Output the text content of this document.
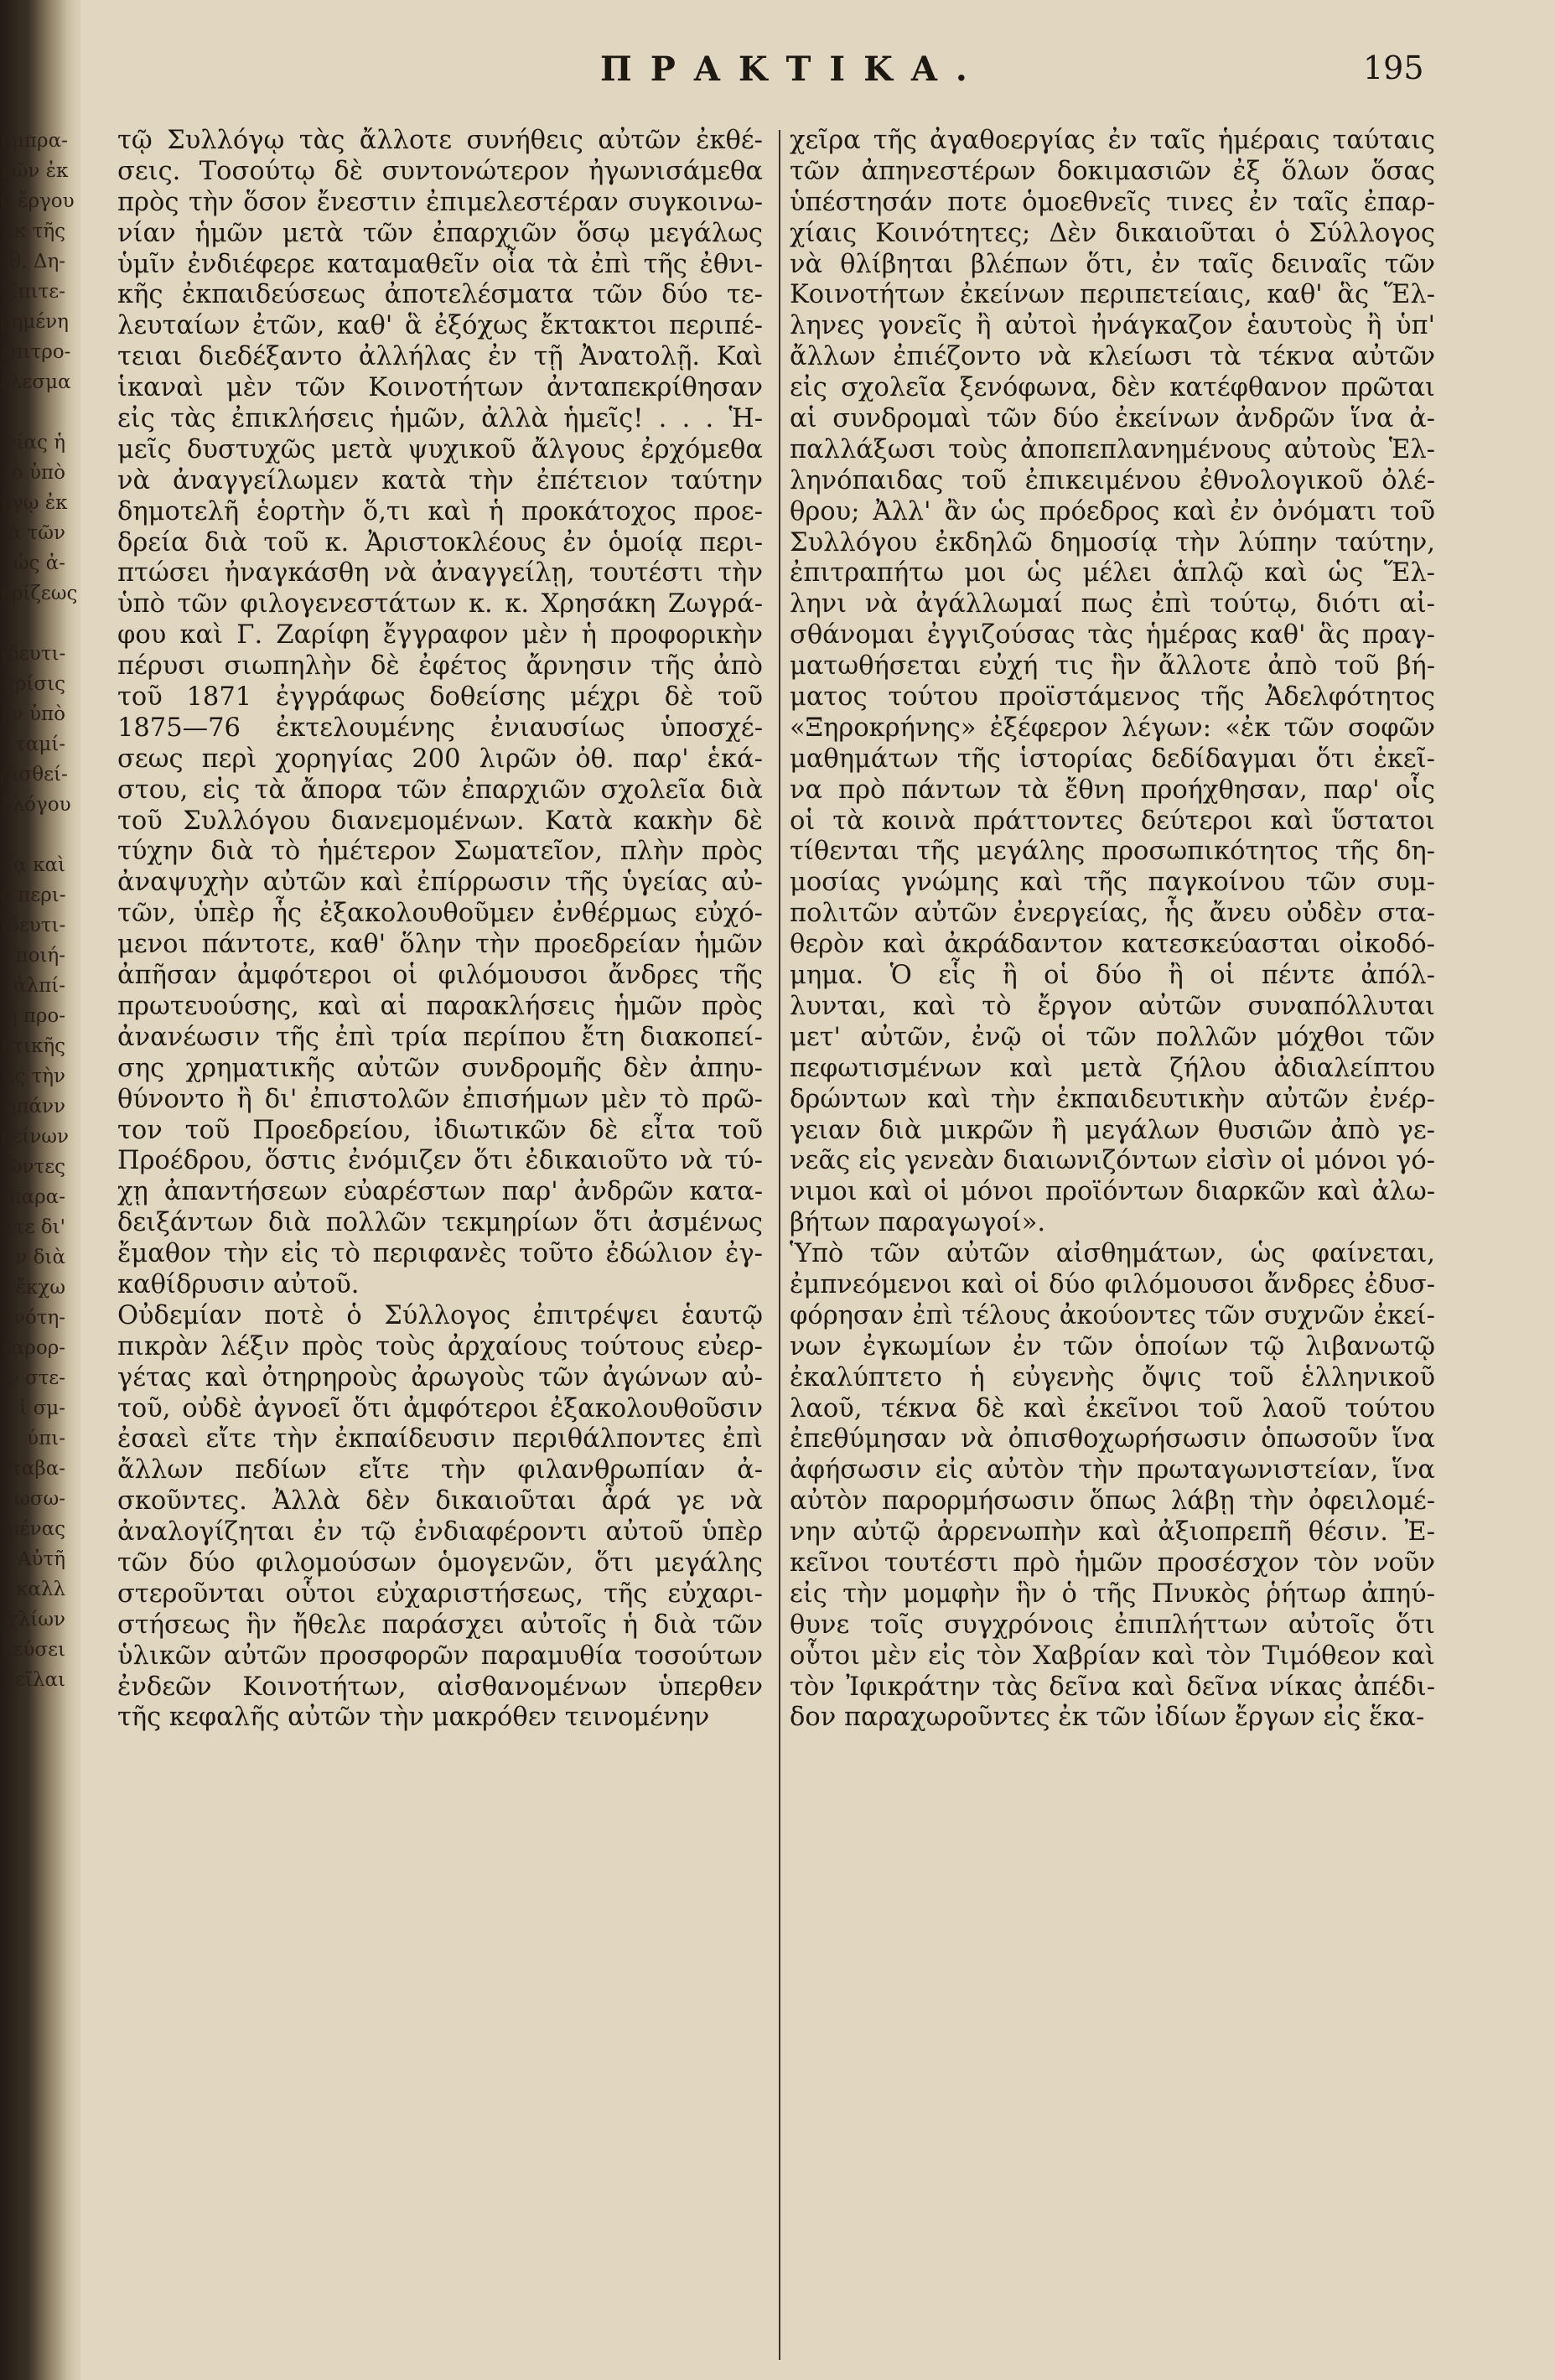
ὑμπρα-
λῶν ἐκ
ὁ ἔργου
ἐκ τῆς
θ. Δη-
Ἐπιτε-
ρημένη
ἐπιτρο-
έλεσμα
νίας ἡ
τὸ ὑπὸ
ύγῳ ἐκ
ὰ τῶν
ὡς ἀ-
ηρίζεως
ιδευτι-
χρίσις
ὲν ὑπὸ
ταμί-
ρισθεί-
λλόγου
ίᾳ καὶ
ὁ περι-
ιδευτι-
ποιή-
ἀλπί-
ἡ προ-
ντικῆς
ες τὴν
ηπάνν
κείνων
ῶντες
παρα-
ίτε δι'
ν διὰ
ἔκχω
ινότη-
ταρορ-
ν στε-
ἰ σμ-
ύπι-
ταβα-
ωσω-
μένας
Αὐτῆ
καλλ
χλίων
λεύσει
τεῖλαι
ΠΡΑΚΤΙΚΑ.	195
τῷ Συλλόγῳ τὰς ἄλλοτε συνήθεις αὐτῶν ἐκθέ-
σεις. Τοσούτῳ δὲ συντονώτερον ἠγωνισάμεθα
πρὸς τὴν ὅσον ἔνεστιν ἐπιμελεστέραν συγκοινω-
νίαν ἡμῶν μετὰ τῶν ἐπαρχιῶν ὅσῳ μεγάλως
ὑμῖν ἐνδιέφερε καταμαθεῖν οἷα τὰ ἐπὶ τῆς ἐθνι-
κῆς ἐκπαιδεύσεως ἀποτελέσματα τῶν δύο τε-
λευταίων ἐτῶν, καθ' ἃ ἐξόχως ἔκτακτοι περιπέ-
τειαι διεδέξαντο ἀλλήλας ἐν τῇ Ἀνατολῇ. Καὶ
ἱκαναὶ μὲν τῶν Κοινοτήτων ἀνταπεκρίθησαν
εἰς τὰς ἐπικλήσεις ἡμῶν, ἀλλὰ ἡμεῖς! . . . Ἡ-
μεῖς δυστυχῶς μετὰ ψυχικοῦ ἄλγους ἐρχόμεθα
νὰ ἀναγγείλωμεν κατὰ τὴν ἐπέτειον ταύτην
δημοτελῆ ἑορτὴν ὅ,τι καὶ ἡ προκάτοχος προε-
δρεία διὰ τοῦ κ. Ἀριστοκλέους ἐν ὁμοίᾳ περι-
πτώσει ἠναγκάσθη νὰ ἀναγγείλῃ, τουτέστι τὴν
ὑπὸ τῶν φιλογενεστάτων κ. κ. Χρησάκη Ζωγρά-
φου καὶ Γ. Ζαρίφη ἔγγραφον μὲν ἡ προφορικὴν
πέρυσι σιωπηλὴν δὲ ἐφέτος ἄρνησιν τῆς ἀπὸ
τοῦ 1871 ἐγγράφως δοθείσης μέχρι δὲ τοῦ
1875—76 ἐκτελουμένης ἐνιαυσίως ὑποσχέ-
σεως περὶ χορηγίας 200 λιρῶν ὀθ. παρ' ἑκά-
στου, εἰς τὰ ἄπορα τῶν ἐπαρχιῶν σχολεῖα διὰ
τοῦ Συλλόγου διανεμομένων. Κατὰ κακὴν δὲ
τύχην διὰ τὸ ἡμέτερον Σωματεῖον, πλὴν πρὸς
ἀναψυχὴν αὐτῶν καὶ ἐπίρρωσιν τῆς ὑγείας αὐ-
τῶν, ὑπὲρ ἧς ἐξακολουθοῦμεν ἐνθέρμως εὐχό-
μενοι πάντοτε, καθ' ὅλην τὴν προεδρείαν ἡμῶν
ἀπῆσαν ἀμφότεροι οἱ φιλόμουσοι ἄνδρες τῆς
πρωτευούσης, καὶ αἱ παρακλήσεις ἡμῶν πρὸς
ἀνανέωσιν τῆς ἐπὶ τρία περίπου ἔτη διακοπεί-
σης χρηματικῆς αὐτῶν συνδρομῆς δὲν ἀπηυ-
θύνοντο ἢ δι' ἐπιστολῶν ἐπισήμων μὲν τὸ πρῶ-
τον τοῦ Προεδρείου, ἰδιωτικῶν δὲ εἶτα τοῦ
Προέδρου, ὅστις ἐνόμιζεν ὅτι ἐδικαιοῦτο νὰ τύ-
χῃ ἀπαντήσεων εὐαρέστων παρ' ἀνδρῶν κατα-
δειξάντων διὰ πολλῶν τεκμηρίων ὅτι ἀσμένως
ἔμαθον τὴν εἰς τὸ περιφανὲς τοῦτο ἐδώλιον ἐγ-
καθίδρυσιν αὐτοῦ.
Οὐδεμίαν ποτὲ ὁ Σύλλογος ἐπιτρέψει ἑαυτῷ
πικρὰν λέξιν πρὸς τοὺς ἀρχαίους τούτους εὐερ-
γέτας καὶ ὀτηρηροὺς ἀρωγοὺς τῶν ἀγώνων αὐ-
τοῦ, οὐδὲ ἀγνοεῖ ὅτι ἀμφότεροι ἐξακολουθοῦσιν
ἐσαεὶ εἴτε τὴν ἐκπαίδευσιν περιθάλποντες ἐπὶ
ἄλλων πεδίων εἴτε τὴν φιλανθρωπίαν ἀ-
σκοῦντες. Ἀλλὰ δὲν δικαιοῦται ἆρά γε νὰ
ἀναλογίζηται ἐν τῷ ἐνδιαφέροντι αὐτοῦ ὑπὲρ
τῶν δύο φιλομούσων ὁμογενῶν, ὅτι μεγάλης
στεροῦνται οὗτοι εὐχαριστήσεως, τῆς εὐχαρι-
στήσεως ἣν ἤθελε παράσχει αὐτοῖς ἡ διὰ τῶν
ὑλικῶν αὐτῶν προσφορῶν παραμυθία τοσούτων
ἐνδεῶν Κοινοτήτων, αἰσθανομένων ὑπερθεν
τῆς κεφαλῆς αὐτῶν τὴν μακρόθεν τεινομένην
χεῖρα τῆς ἀγαθοεργίας ἐν ταῖς ἡμέραις ταύταις
τῶν ἀπηνεστέρων δοκιμασιῶν ἐξ ὅλων ὅσας
ὑπέστησάν ποτε ὁμοεθνεῖς τινες ἐν ταῖς ἐπαρ-
χίαις Κοινότητες; Δὲν δικαιοῦται ὁ Σύλλογος
νὰ θλίβηται βλέπων ὅτι, ἐν ταῖς δειναῖς τῶν
Κοινοτήτων ἐκείνων περιπετείαις, καθ' ἃς Ἕλ-
ληνες γονεῖς ἢ αὐτοὶ ἠνάγκαζον ἑαυτοὺς ἢ ὑπ'
ἄλλων ἐπιέζοντο νὰ κλείωσι τὰ τέκνα αὐτῶν
εἰς σχολεῖα ξενόφωνα, δὲν κατέφθανον πρῶται
αἱ συνδρομαὶ τῶν δύο ἐκείνων ἀνδρῶν ἵνα ἀ-
παλλάξωσι τοὺς ἀποπεπλανημένους αὐτοὺς Ἑλ-
ληνόπαιδας τοῦ ἐπικειμένου ἐθνολογικοῦ ὀλέ-
θρου; Ἀλλ' ἂν ὡς πρόεδρος καὶ ἐν ὀνόματι τοῦ
Συλλόγου ἐκδηλῶ δημοσίᾳ τὴν λύπην ταύτην,
ἐπιτραπήτω μοι ὡς μέλει ἁπλῷ καὶ ὡς Ἕλ-
ληνι νὰ ἀγάλλωμαί πως ἐπὶ τούτῳ, διότι αἰ-
σθάνομαι ἐγγιζούσας τὰς ἡμέρας καθ' ἃς πραγ-
ματωθήσεται εὐχή τις ἣν ἄλλοτε ἀπὸ τοῦ βή-
ματος τούτου προϊστάμενος τῆς Ἀδελφότητος
«Ξηροκρήνης» ἐξέφερον λέγων: «ἐκ τῶν σοφῶν
μαθημάτων τῆς ἱστορίας δεδίδαγμαι ὅτι ἐκεῖ-
να πρὸ πάντων τὰ ἔθνη προήχθησαν, παρ' οἷς
οἱ τὰ κοινὰ πράττοντες δεύτεροι καὶ ὕστατοι
τίθενται τῆς μεγάλης προσωπικότητος τῆς δη-
μοσίας γνώμης καὶ τῆς παγκοίνου τῶν συμ-
πολιτῶν αὐτῶν ἐνεργείας, ἧς ἄνευ οὐδὲν στα-
θερὸν καὶ ἀκράδαντον κατεσκεύασται οἰκοδό-
μημα. Ὁ εἷς ἢ οἱ δύο ἢ οἱ πέντε ἀπόλ-
λυνται, καὶ τὸ ἔργον αὐτῶν συναπόλλυται
μετ' αὐτῶν, ἐνῷ οἱ τῶν πολλῶν μόχθοι τῶν
πεφωτισμένων καὶ μετὰ ζήλου ἀδιαλείπτου
δρώντων καὶ τὴν ἐκπαιδευτικὴν αὐτῶν ἐνέρ-
γειαν διὰ μικρῶν ἢ μεγάλων θυσιῶν ἀπὸ γε-
νεᾶς εἰς γενεὰν διαιωνιζόντων εἰσὶν οἱ μόνοι γό-
νιμοι καὶ οἱ μόνοι προϊόντων διαρκῶν καὶ ἀλω-
βήτων παραγωγοί».
Ὑπὸ τῶν αὐτῶν αἰσθημάτων, ὡς φαίνεται,
ἐμπνεόμενοι καὶ οἱ δύο φιλόμουσοι ἄνδρες ἐδυσ-
φόρησαν ἐπὶ τέλους ἀκούοντες τῶν συχνῶν ἐκεί-
νων ἐγκωμίων ἐν τῶν ὁποίων τῷ λιβανωτῷ
ἐκαλύπτετο ἡ εὐγενὴς ὄψις τοῦ ἑλληνικοῦ
λαοῦ, τέκνα δὲ καὶ ἐκεῖνοι τοῦ λαοῦ τούτου
ἐπεθύμησαν νὰ ὀπισθοχωρήσωσιν ὁπωσοῦν ἵνα
ἀφήσωσιν εἰς αὐτὸν τὴν πρωταγωνιστείαν, ἵνα
αὐτὸν παρορμήσωσιν ὅπως λάβῃ τὴν ὀφειλομέ-
νην αὐτῷ ἀρρενωπὴν καὶ ἀξιοπρεπῆ θέσιν. Ἐ-
κεῖνοι τουτέστι πρὸ ἡμῶν προσέσχον τὸν νοῦν
εἰς τὴν μομφὴν ἣν ὁ τῆς Πνυκὸς ῥήτωρ ἀπηύ-
θυνε τοῖς συγχρόνοις ἐπιπλήττων αὐτοῖς ὅτι
οὗτοι μὲν εἰς τὸν Χαβρίαν καὶ τὸν Τιμόθεον καὶ
τὸν Ἰφικράτην τὰς δεῖνα καὶ δεῖνα νίκας ἀπέδι-
δον παραχωροῦντες ἐκ τῶν ἰδίων ἔργων εἰς ἕκα-
